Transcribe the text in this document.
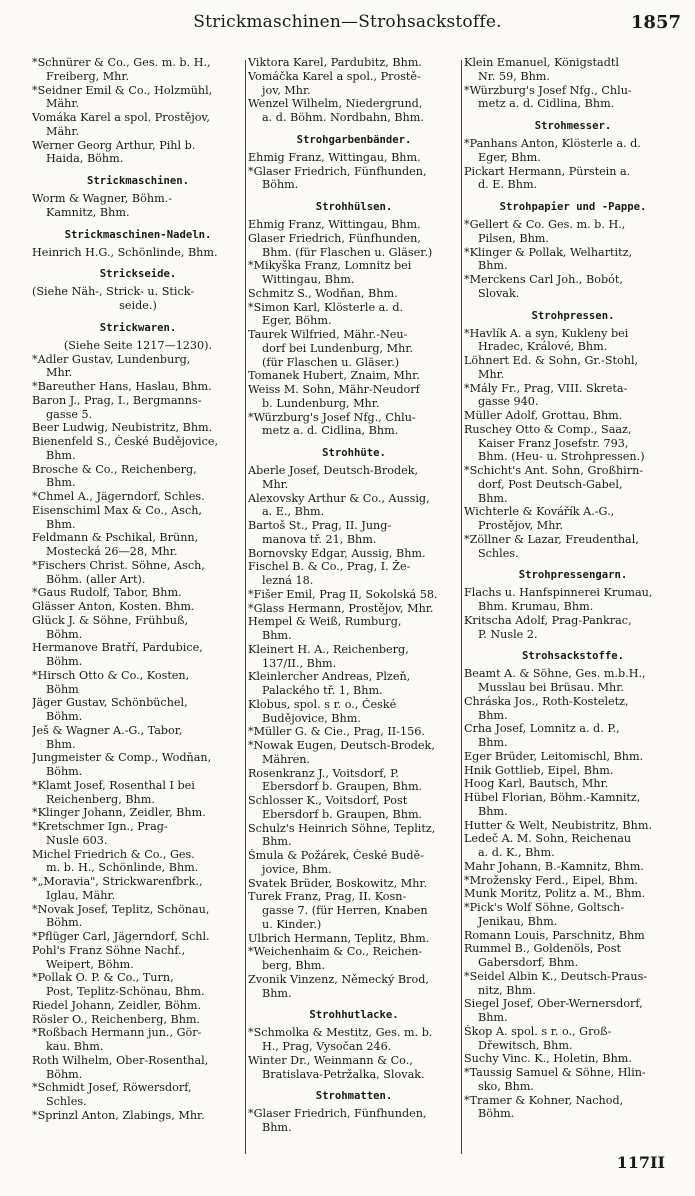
Strickmaschinen—Strohsackstoffe.	1857
*Schnürer & Co., Ges. m. b. H.,
Freiberg, Mhr.
*Seidner Emil & Co., Holzmühl,
Mähr.
Vomáka Karel a spol. Prostějov,
Mähr.
Werner Georg Arthur, Pihl b.
Haida, Böhm.
Strickmaschinen.
Worm & Wagner, Böhm.-
Kamnitz, Bhm.
Strickmaschinen-Nadeln.
Heinrich H.G., Schönlinde, Bhm.
Strickseide.
(Siehe Näh-, Strick- u. Stick-
seide.)
Strickwaren.
(Siehe Seite 1217—1230).
*Adler Gustav, Lundenburg,
Mhr.
*Bareuther Hans, Haslau, Bhm.
Baron J., Prag, I., Bergmanns-
gasse 5.
Beer Ludwig, Neubistritz, Bhm.
Bienenfeld S., České Budějovice,
Bhm.
Brosche & Co., Reichenberg,
Bhm.
*Chmel A., Jägerndorf, Schles.
Eisenschiml Max & Co., Asch,
Bhm.
Feldmann & Pschikal, Brünn,
Mostecká 26—28, Mhr.
*Fischers Christ. Söhne, Asch,
Böhm. (aller Art).
*Gaus Rudolf, Tabor, Bhm.
Glässer Anton, Kosten. Bhm.
Glück J. & Söhne, Frühbuß,
Böhm.
Hermanove Bratří, Pardubice,
Böhm.
*Hirsch Otto & Co., Kosten,
Böhm
Jäger Gustav, Schönbüchel,
Böhm.
Ješ & Wagner A.-G., Tabor,
Bhm.
Jungmeister & Comp., Wodňan,
Böhm.
*Klamt Josef, Rosenthal I bei
Reichenberg, Bhm.
*Klinger Johann, Zeidler, Bhm.
*Kretschmer Ign., Prag-
Nusle 603.
Michel Friedrich & Co., Ges.
m. b. H., Schönlinde, Bhm.
*„Moravia", Strickwarenfbrk.,
Iglau, Mähr.
*Novak Josef, Teplitz, Schönau,
Böhm.
*Pflüger Carl, Jägerndorf, Schl.
Pohl's Franz Söhne Nachf.,
Weipert, Böhm.
*Pollak O. P. & Co., Turn,
Post, Teplitz-Schönau, Bhm.
Riedel Johann, Zeidler, Böhm.
Rösler O., Reichenberg, Bhm.
*Roßbach Hermann jun., Gör-
kau. Bhm.
Roth Wilhelm, Ober-Rosenthal,
Böhm.
*Schmidt Josef, Röwersdorf,
Schles.
*Sprinzl Anton, Zlabings, Mhr.
Viktora Karel, Pardubitz, Bhm.
Vomáčka Karel a spol., Prostě-
jov, Mhr.
Wenzel Wilhelm, Niedergrund,
a. d. Böhm. Nordbahn, Bhm.
Strohgarbenbänder.
Ehmig Franz, Wittingau, Bhm.
*Glaser Friedrich, Fünfhunden,
Böhm.
Strohhülsen.
Ehmig Franz, Wittingau, Bhm.
Glaser Friedrich, Fünfhunden,
Bhm. (für Flaschen u. Gläser.)
*Mikyška Franz, Lomnitz bei
Wittingau, Bhm.
Schmitz S., Wodňan, Bhm.
*Simon Karl, Klösterle a. d.
Eger, Böhm.
Taurek Wilfried, Mähr.-Neu-
dorf bei Lundenburg, Mhr.
(für Flaschen u. Gläser.)
Tomanek Hubert, Znaim, Mhr.
Weiss M. Sohn, Mähr-Neudorf
b. Lundenburg, Mhr.
*Würzburg's Josef Nfg., Chlu-
metz a. d. Cidlina, Bhm.
Strohhüte.
Aberle Josef, Deutsch-Brodek,
Mhr.
Alexovsky Arthur & Co., Aussig,
a. E., Bhm.
Bartoš St., Prag, II. Jung-
manova tř. 21, Bhm.
Bornovsky Edgar, Aussig, Bhm.
Fischel B. & Co., Prag, I. Že-
lezná 18.
*Fišer Emil, Prag II, Sokolská 58.
*Glass Hermann, Prostějov, Mhr.
Hempel & Weiß, Rumburg,
Bhm.
Kleinert H. A., Reichenberg,
137/II., Bhm.
Kleinlercher Andreas, Plzeň,
Palackého tř. 1, Bhm.
Klobus, spol. s r. o., České
Budějovice, Bhm.
*Müller G. & Cie., Prag, II-156.
*Nowak Eugen, Deutsch-Brodek,
Mähren.
Rosenkranz J., Voitsdorf, P.
Ebersdorf b. Graupen, Bhm.
Schlosser K., Voitsdorf, Post
Ebersdorf b. Graupen, Bhm.
Schulz's Heinrich Söhne, Teplitz,
Bhm.
Šmula & Požárek, České Budě-
jovice, Bhm.
Svatek Brüder, Boskowitz, Mhr.
Turek Franz, Prag, II. Kosn-
gasse 7. (für Herren, Knaben
u. Kinder.)
Ulbrich Hermann, Teplitz, Bhm.
*Weichenhaim & Co., Reichen-
berg, Bhm.
Zvonik Vinzenz, Německý Brod,
Bhm.
Strohhutlacke.
*Schmolka & Mestitz, Ges. m. b.
H., Prag, Vysočan 246.
Winter Dr., Weinmann & Co.,
Bratislava-Petržalka, Slovak.
Strohmatten.
*Glaser Friedrich, Fünfhunden,
Bhm.
Klein Emanuel, Königstadtl
Nr. 59, Bhm.
*Würzburg's Josef Nfg., Chlu-
metz a. d. Cidlina, Bhm.
Strohmesser.
*Panhans Anton, Klösterle a. d.
Eger, Bhm.
Pickart Hermann, Pürstein a.
d. E. Bhm.
Strohpapier und -Pappe.
*Gellert & Co. Ges. m. b. H.,
Pilsen, Bhm.
*Klinger & Pollak, Welhartitz,
Bhm.
*Merckens Carl Joh., Bobót,
Slovak.
Strohpressen.
*Havlík A. a syn, Kukleny bei
Hradec, Králové, Bhm.
Löhnert Ed. & Sohn, Gr.-Stohl,
Mhr.
*Mály Fr., Prag, VIII. Skreta-
gasse 940.
Müller Adolf, Grottau, Bhm.
Ruschey Otto & Comp., Saaz,
Kaiser Franz Josefstr. 793,
Bhm. (Heu- u. Strohpressen.)
*Schicht's Ant. Sohn, Großhirn-
dorf, Post Deutsch-Gabel,
Bhm.
Wichterle & Kovářík A.-G.,
Prostějov, Mhr.
*Zöllner & Lazar, Freudenthal,
Schles.
Strohpressengarn.
Flachs u. Hanfspinnerei Krumau,
Bhm. Krumau, Bhm.
Kritscha Adolf, Prag-Pankrac,
P. Nusle 2.
Strohsackstoffe.
Beamt A. & Söhne, Ges. m.b.H.,
Musslau bei Brüsau. Mhr.
Chráska Jos., Roth-Kosteletz,
Bhm.
Crha Josef, Lomnitz a. d. P.,
Bhm.
Eger Brüder, Leitomischl, Bhm.
Hnik Gottlieb, Eipel, Bhm.
Hoog Karl, Bautsch, Mhr.
Hübel Florian, Böhm.-Kamnitz,
Bhm.
Hutter & Welt, Neubistritz, Bhm.
Ledeč A. M. Sohn, Reichenau
a. d. K., Bhm.
Mahr Johann, B.-Kamnitz, Bhm.
*Mrožensky Ferd., Eipel, Bhm.
Munk Moritz, Politz a. M., Bhm.
*Pick's Wolf Söhne, Goltsch-
Jenikau, Bhm.
Romann Louis, Parschnitz, Bhm
Rummel B., Goldenöls, Post
Gabersdorf, Bhm.
*Seidel Albin K., Deutsch-Praus-
nitz, Bhm.
Siegel Josef, Ober-Wernersdorf,
Bhm.
Škop A. spol. s r. o., Groß-
Dřewitsch, Bhm.
Suchy Vinc. K., Holetin, Bhm.
*Taussig Samuel & Söhne, Hlin-
sko, Bhm.
*Tramer & Kohner, Nachod,
Böhm.
117II
